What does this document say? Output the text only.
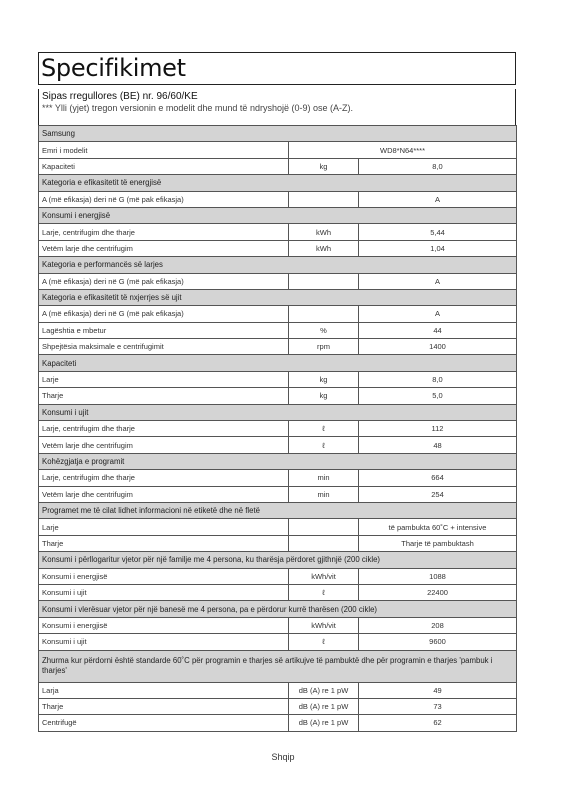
Specifikimet
Sipas rregullores (BE) nr. 96/60/KE
*** Ylli (yjet) tregon versionin e modelit dhe mund të ndryshojë (0-9) ose (A-Z).
Samsung		
Emri i modelit	WD8*N64****	
Kapaciteti	kg	8,0
Kategoria e efikasitetit të energjisë		
A (më efikasja) deri në G (më pak efikasja)		A
Konsumi i energjisë		
Larje, centrifugim dhe tharje	kWh	5,44
Vetëm larje dhe centrifugim	kWh	1,04
Kategoria e performancës së larjes		
A (më efikasja) deri në G (më pak efikasja)		A
Kategoria e efikasitetit të nxjerrjes së ujit		
A (më efikasja) deri në G (më pak efikasja)		A
Lagështia e mbetur	%	44
Shpejtësia maksimale e centrifugimit	rpm	1400
Kapaciteti		
Larje	kg	8,0
Tharje	kg	5,0
Konsumi i ujit		
Larje, centrifugim dhe tharje	ℓ	112
Vetëm larje dhe centrifugim	ℓ	48
Kohëzgjatja e programit		
Larje, centrifugim dhe tharje	min	664
Vetëm larje dhe centrifugim	min	254
Programet me të cilat lidhet informacioni në etiketë dhe në fletë		
Larje		të pambukta 60˚C + intensive
Tharje		Tharje të pambuktash
Konsumi i përllogaritur vjetor për një familje me 4 persona, ku tharësja përdoret gjithnjë (200 cikle)		
Konsumi i energjisë	kWh/vit	1088
Konsumi i ujit	ℓ	22400
Konsumi i vlerësuar vjetor për një banesë me 4 persona, pa e përdorur kurrë tharësen (200 cikle)		
Konsumi i energjisë	kWh/vit	208
Konsumi i ujit	ℓ	9600
Zhurma kur përdorni është standarde 60˚C për programin e tharjes së artikujve të pambuktë dhe për programin e tharjes 'pambuk i tharjes'		
Larja	dB (A) re 1 pW	49
Tharje	dB (A) re 1 pW	73
Centrifugë	dB (A) re 1 pW	62
Shqip
